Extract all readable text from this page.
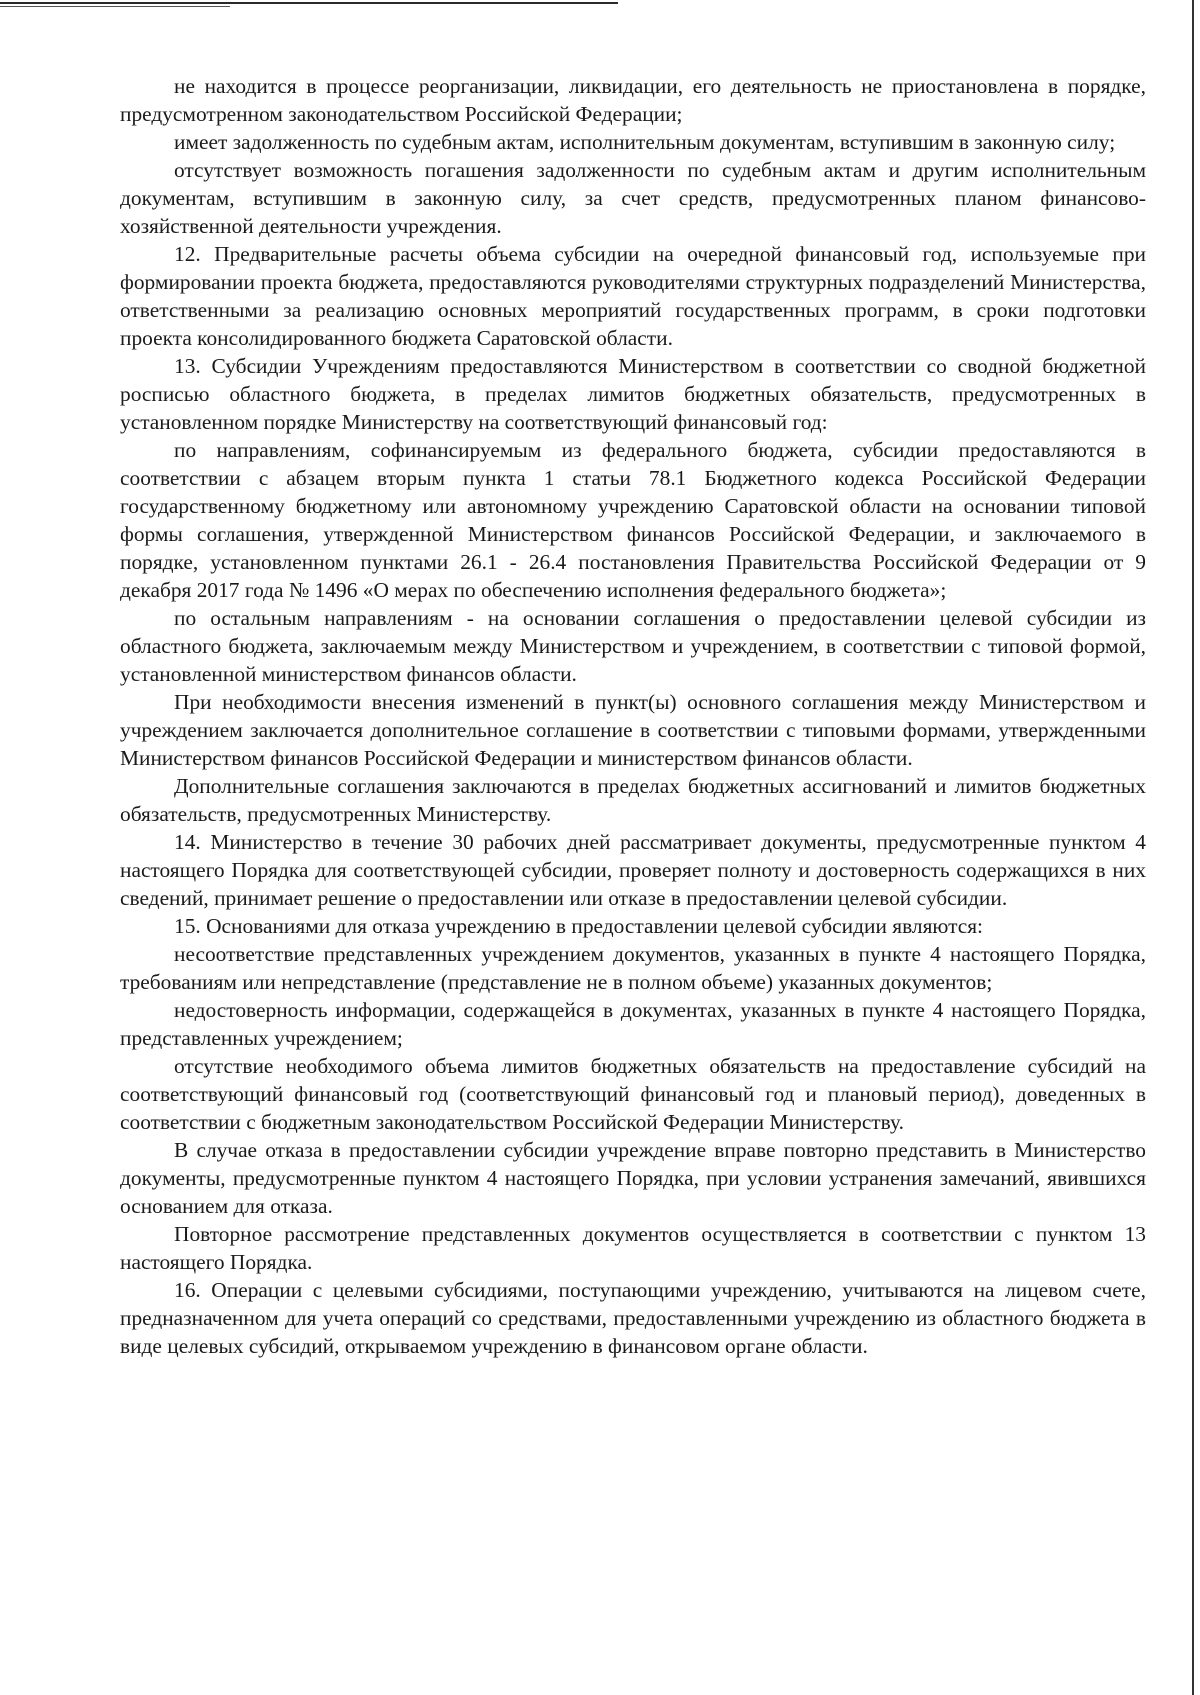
не находится в процессе реорганизации, ликвидации, его деятельность не приостановлена в порядке, предусмотренном законодательством Российской Федерации;

имеет задолженность по судебным актам, исполнительным документам, вступившим в законную силу;

отсутствует возможность погашения задолженности по судебным актам и другим исполнительным документам, вступившим в законную силу, за счет средств, предусмотренных планом финансово-хозяйственной деятельности учреждения.

12. Предварительные расчеты объема субсидии на очередной финансовый год, используемые при формировании проекта бюджета, предоставляются руководителями структурных подразделений Министерства, ответственными за реализацию основных мероприятий государственных программ, в сроки подготовки проекта консолидированного бюджета Саратовской области.

13. Субсидии Учреждениям предоставляются Министерством в соответствии со сводной бюджетной росписью областного бюджета, в пределах лимитов бюджетных обязательств, предусмотренных в установленном порядке Министерству на соответствующий финансовый год:

по направлениям, софинансируемым из федерального бюджета, субсидии предоставляются в соответствии с абзацем вторым пункта 1 статьи 78.1 Бюджетного кодекса Российской Федерации государственному бюджетному или автономному учреждению Саратовской области на основании типовой формы соглашения, утвержденной Министерством финансов Российской Федерации, и заключаемого в порядке, установленном пунктами 26.1 - 26.4 постановления Правительства Российской Федерации от 9 декабря 2017 года № 1496 «О мерах по обеспечению исполнения федерального бюджета»;

по остальным направлениям - на основании соглашения о предоставлении целевой субсидии из областного бюджета, заключаемым между Министерством и учреждением, в соответствии с типовой формой, установленной министерством финансов области.

При необходимости внесения изменений в пункт(ы) основного соглашения между Министерством и учреждением заключается дополнительное соглашение в соответствии с типовыми формами, утвержденными Министерством финансов Российской Федерации и министерством финансов области.

Дополнительные соглашения заключаются в пределах бюджетных ассигнований и лимитов бюджетных обязательств, предусмотренных Министерству.

14. Министерство в течение 30 рабочих дней рассматривает документы, предусмотренные пунктом 4 настоящего Порядка для соответствующей субсидии, проверяет полноту и достоверность содержащихся в них сведений, принимает решение о предоставлении или отказе в предоставлении целевой субсидии.

15. Основаниями для отказа учреждению в предоставлении целевой субсидии являются:

несоответствие представленных учреждением документов, указанных в пункте 4 настоящего Порядка, требованиям или непредставление (представление не в полном объеме) указанных документов;

недостоверность информации, содержащейся в документах, указанных в пункте 4 настоящего Порядка, представленных учреждением;

отсутствие необходимого объема лимитов бюджетных обязательств на предоставление субсидий на соответствующий финансовый год (соответствующий финансовый год и плановый период), доведенных в соответствии с бюджетным законодательством Российской Федерации Министерству.

В случае отказа в предоставлении субсидии учреждение вправе повторно представить в Министерство документы, предусмотренные пунктом 4 настоящего Порядка, при условии устранения замечаний, явившихся основанием для отказа.

Повторное рассмотрение представленных документов осуществляется в соответствии с пунктом 13 настоящего Порядка.

16. Операции с целевыми субсидиями, поступающими учреждению, учитываются на лицевом счете, предназначенном для учета операций со средствами, предоставленными учреждению из областного бюджета в виде целевых субсидий, открываемом учреждению в финансовом органе области.
